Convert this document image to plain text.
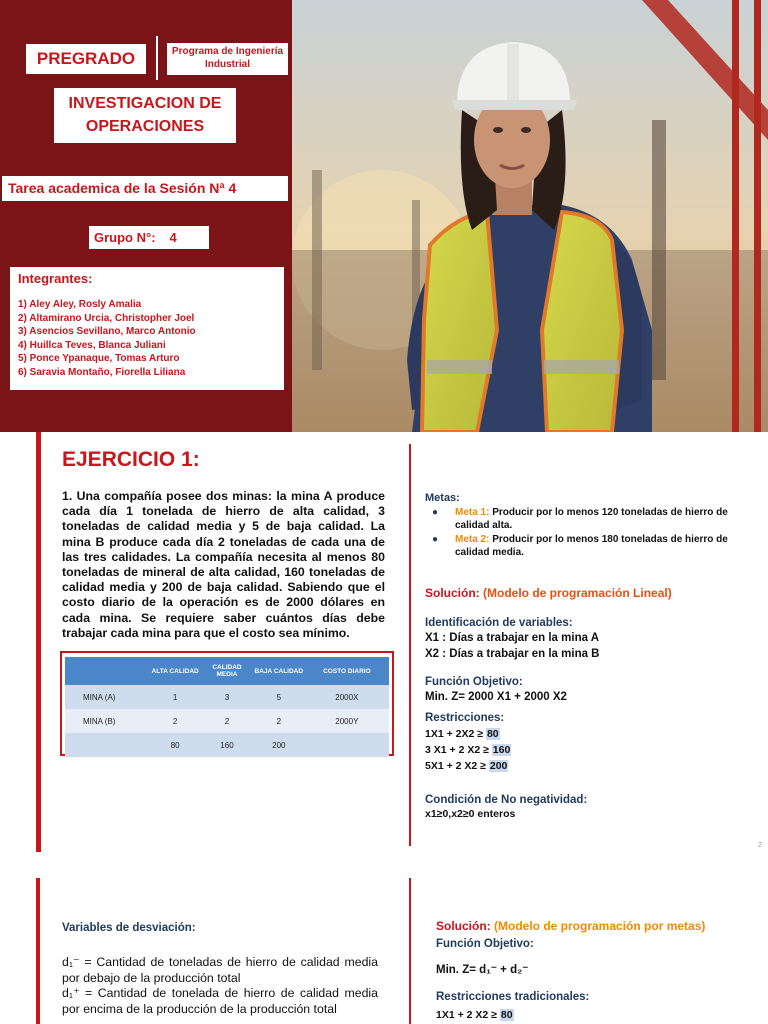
PREGRADO	Programa de Ingeniería Industrial
INVESTIGACION DE OPERACIONES
Tarea academica de la Sesión Nª 4
Grupo N°: 4
Integrantes:
1) Aley Aley, Rosly Amalia
2) Altamirano Urcia, Christopher Joel
3) Asencios Sevillano, Marco Antonio
4) Huillca Teves, Blanca Juliani
5) Ponce Ypanaque, Tomas Arturo
6) Saravia Montaño, Fiorella Liliana
EJERCICIO 1:
1. Una compañía posee dos minas: la mina A produce cada día 1 tonelada de hierro de alta calidad, 3 toneladas de calidad media y 5 de baja calidad. La mina B produce cada día 2 toneladas de cada una de las tres calidades. La compañía necesita al menos 80 toneladas de mineral de alta calidad, 160 toneladas de calidad media y 200 de baja calidad. Sabiendo que el costo diario de la operación es de 2000 dólares en cada mina. Se requiere saber cuántos días debe trabajar cada mina para que el costo sea mínimo.
	ALTA CALIDAD	CALIDAD MEDIA	BAJA CALIDAD	COSTO DIARIO
MINA (A)	1	3	5	2000X
MINA (B)	2	2	2	2000Y
	80	160	200	
Metas:
● Meta 1: Producir por lo menos 120 toneladas de hierro de calidad alta.
● Meta 2: Producir por lo menos 180 toneladas de hierro de calidad media.
Solución: (Modelo de programación Lineal)
Identificación de variables:
X1 : Días a trabajar en la mina A
X2 : Días a trabajar en la mina B
Función Objetivo:
Min. Z= 2000 X1 + 2000 X2
Restricciones:
1X1 + 2X2 ≥ 80
3 X1 + 2 X2 ≥ 160
5X1 + 2 X2 ≥ 200
Condición de No negatividad:
x1≥0,x2≥0 enteros
2
Variables de desviación:
d₁⁻ = Cantidad de toneladas de hierro de calidad media por debajo de la producción total
d₁⁺ = Cantidad de tonelada de hierro de calidad media por encima de la producción de la producción total
Solución: (Modelo de programación por metas)
Función Objetivo:
Min. Z= d₁⁻ + d₂⁻
Restricciones tradicionales:
1X1 + 2 X2 ≥ 80
